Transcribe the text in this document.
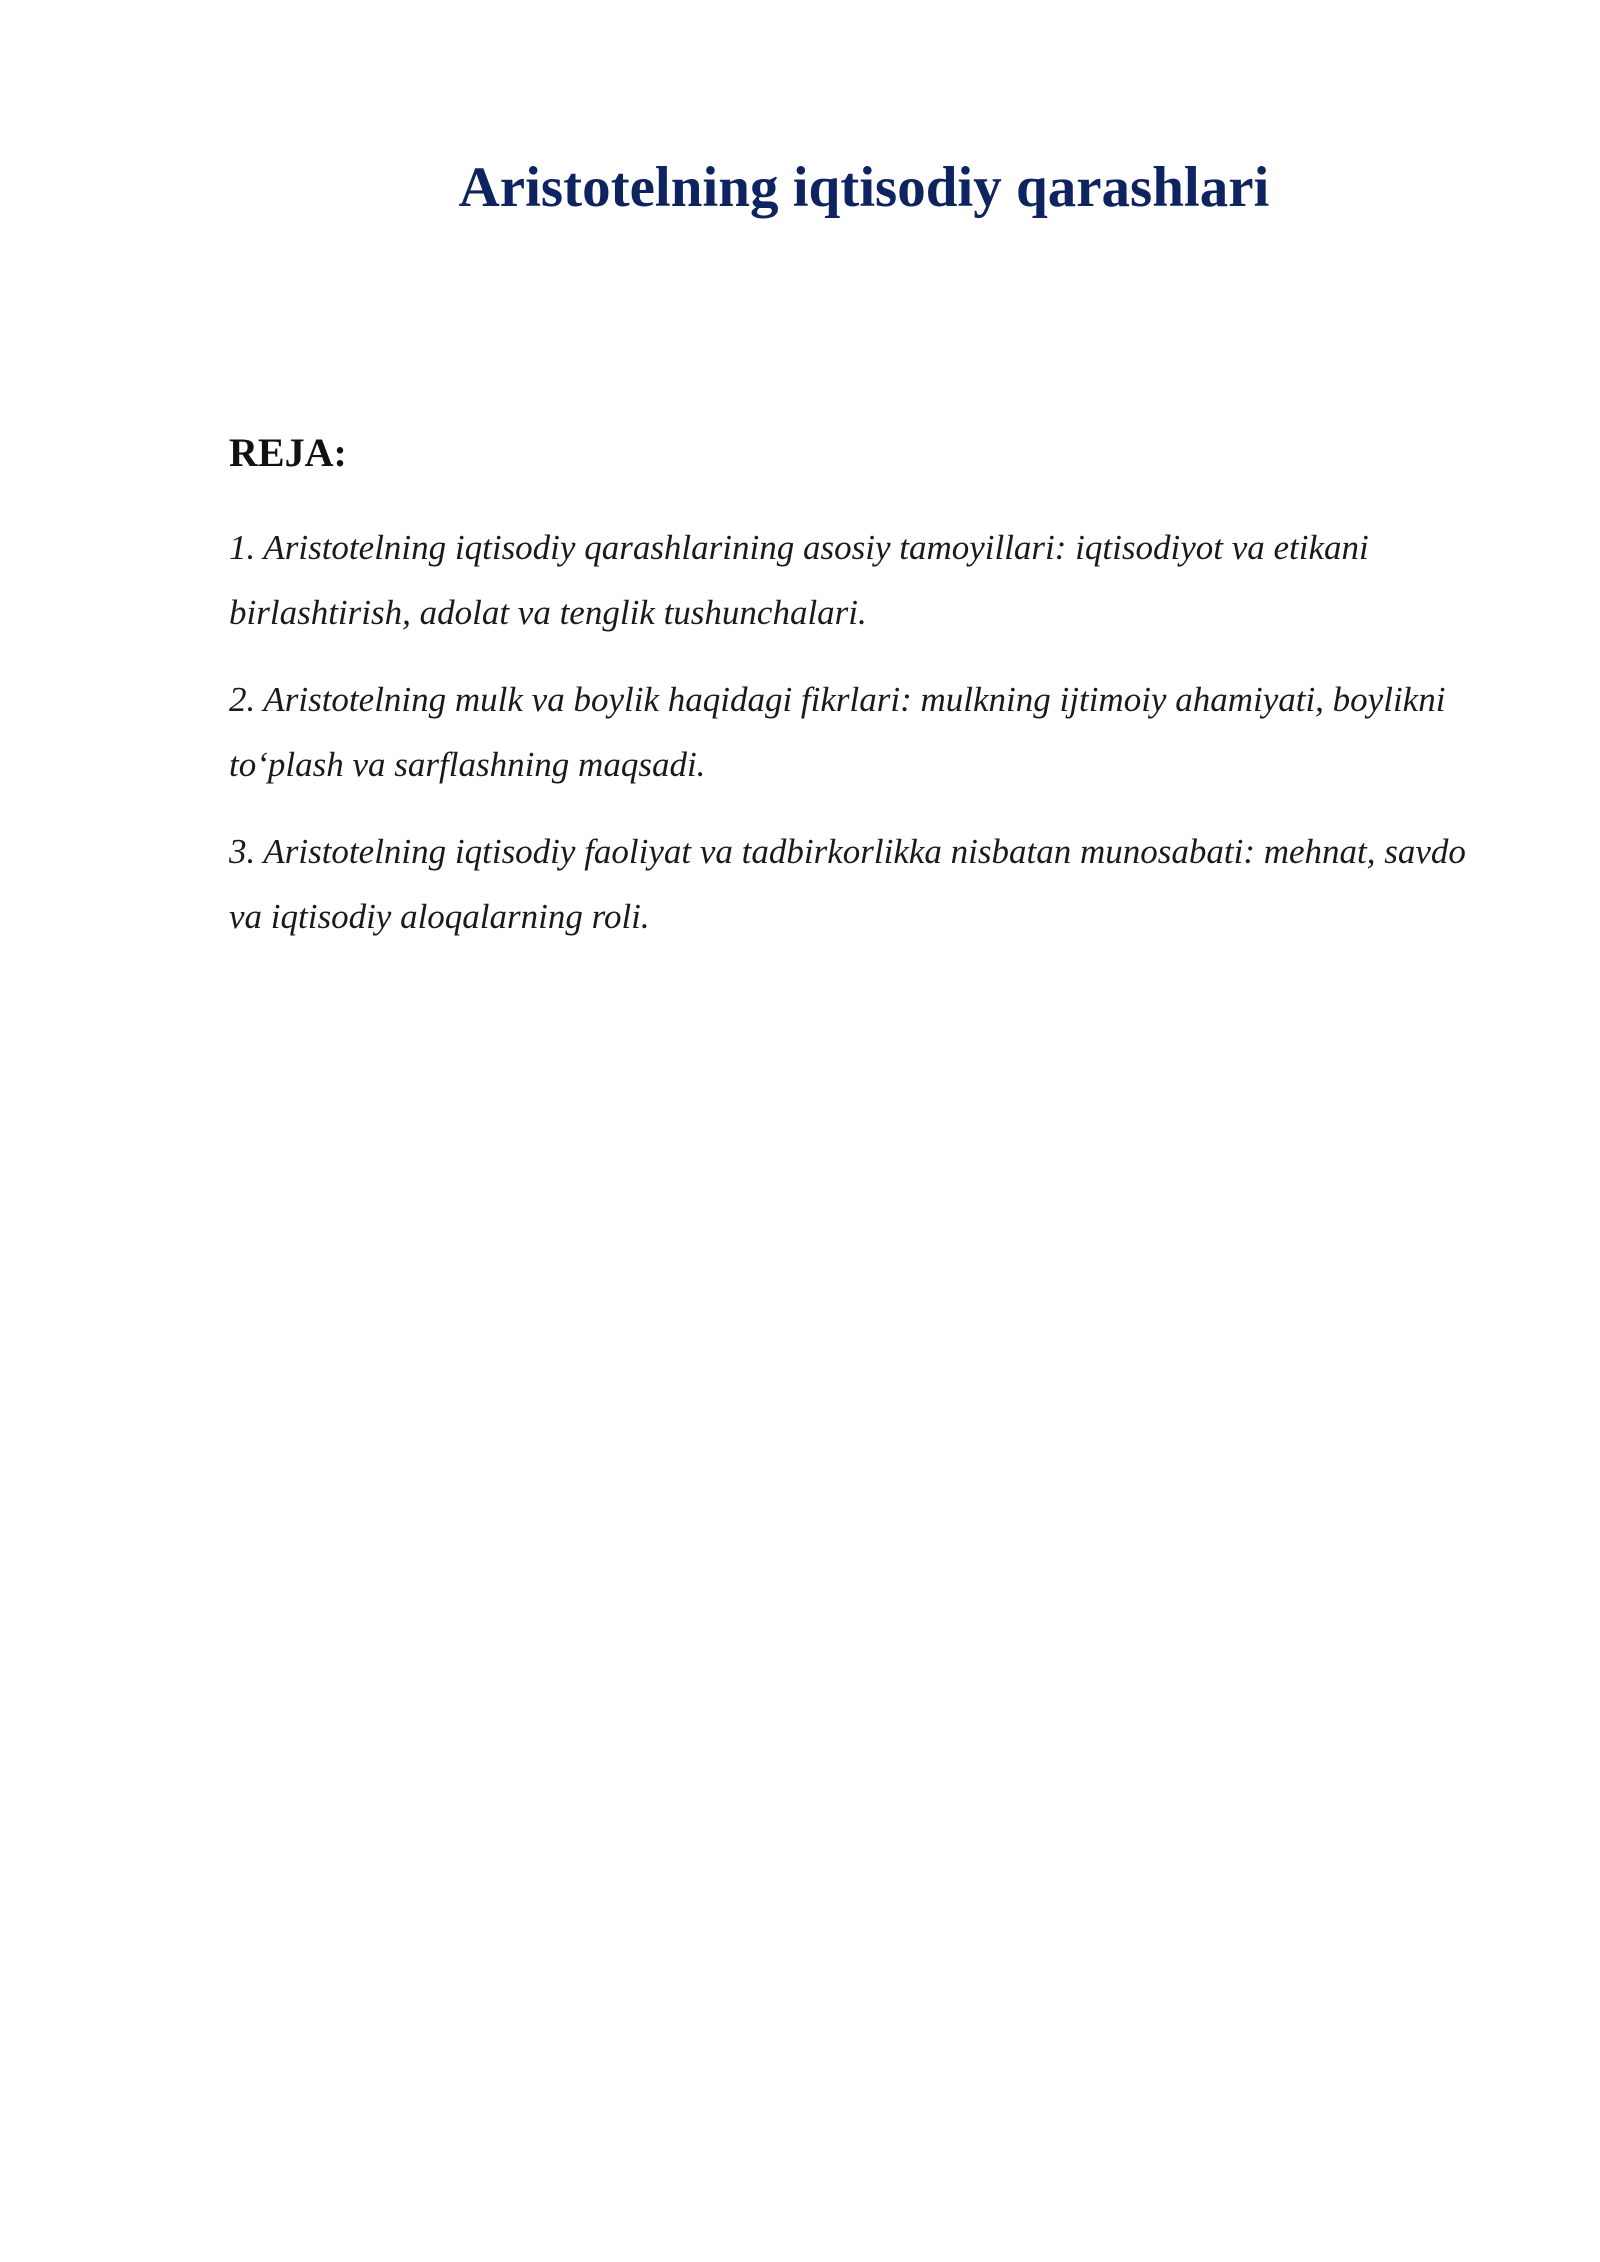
Aristotelning iqtisodiy qarashlari
REJA:
1. Aristotelning iqtisodiy qarashlarining asosiy tamoyillari: iqtisodiyot va etikani birlashtirish, adolat va tenglik tushunchalari.
2. Aristotelning mulk va boylik haqidagi fikrlari: mulkning ijtimoiy ahamiyati, boylikni to‘plash va sarflashning maqsadi.
3. Aristotelning iqtisodiy faoliyat va tadbirkorlikka nisbatan munosabati: mehnat, savdo va iqtisodiy aloqalarning roli.
